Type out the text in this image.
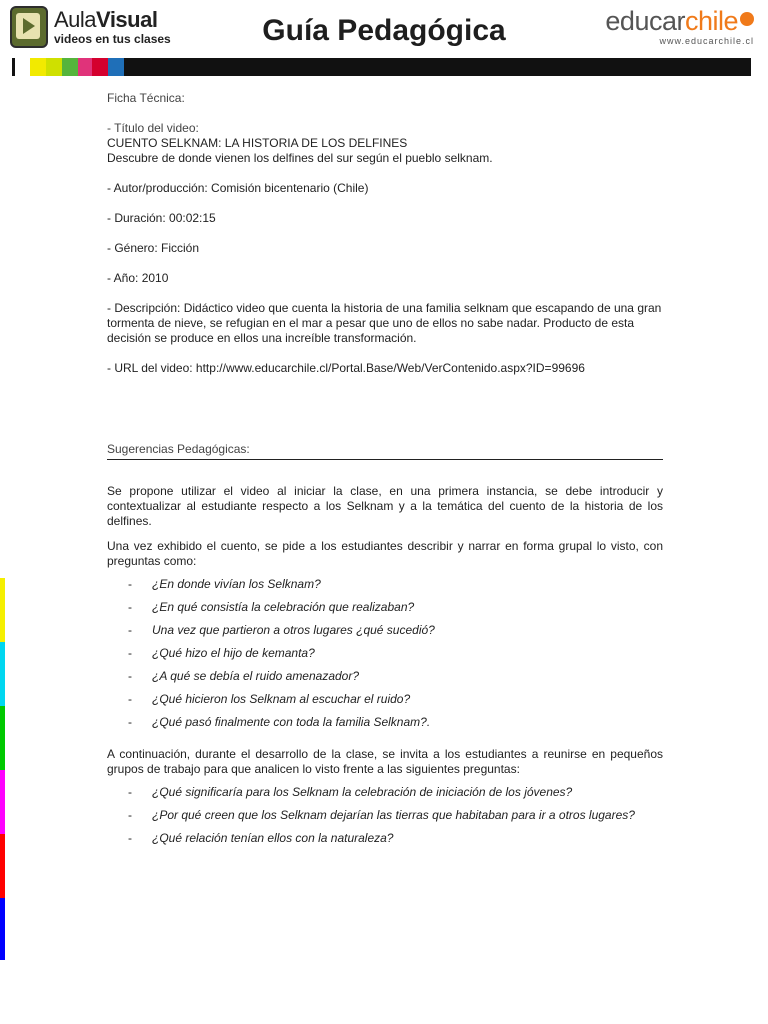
AulaVisual
videos en tus clases	Guía Pedagógica	educarchile
www.educarchile.cl
Ficha Técnica:
- Título del video:
CUENTO SELKNAM: LA HISTORIA DE LOS DELFINES
Descubre de donde vienen los delfines del sur según el pueblo selknam.
- Autor/producción: Comisión bicentenario (Chile)
- Duración: 00:02:15
- Género: Ficción
- Año: 2010
- Descripción: Didáctico video que cuenta la historia de una familia selknam que escapando de una gran tormenta de nieve, se refugian en el mar a pesar que uno de ellos no sabe nadar. Producto de esta decisión se produce en ellos una increíble transformación.
- URL del video: http://www.educarchile.cl/Portal.Base/Web/VerContenido.aspx?ID=99696
Sugerencias Pedagógicas:
Se propone utilizar el video al iniciar la clase, en una primera instancia, se debe introducir y contextualizar al estudiante respecto a los Selknam y a la temática del cuento de la historia de los delfines.
Una vez exhibido el cuento, se pide a los estudiantes describir y narrar en forma grupal lo visto, con preguntas como:
- ¿En donde vivían los Selknam?
- ¿En qué consistía la celebración que realizaban?
- Una vez que partieron a otros lugares ¿qué sucedió?
- ¿Qué hizo el hijo de kemanta?
- ¿A qué se debía el ruido amenazador?
- ¿Qué hicieron los Selknam al escuchar el ruido?
- ¿Qué pasó finalmente con toda la familia Selknam?.
A continuación, durante el desarrollo de la clase, se invita a los estudiantes a reunirse en pequeños grupos de trabajo para que analicen lo visto frente a las siguientes preguntas:
- ¿Qué significaría para los Selknam la celebración de iniciación de los jóvenes?
- ¿Por qué creen que los Selknam dejarían las tierras que habitaban para ir a otros lugares?
- ¿Qué relación tenían ellos con la naturaleza?
